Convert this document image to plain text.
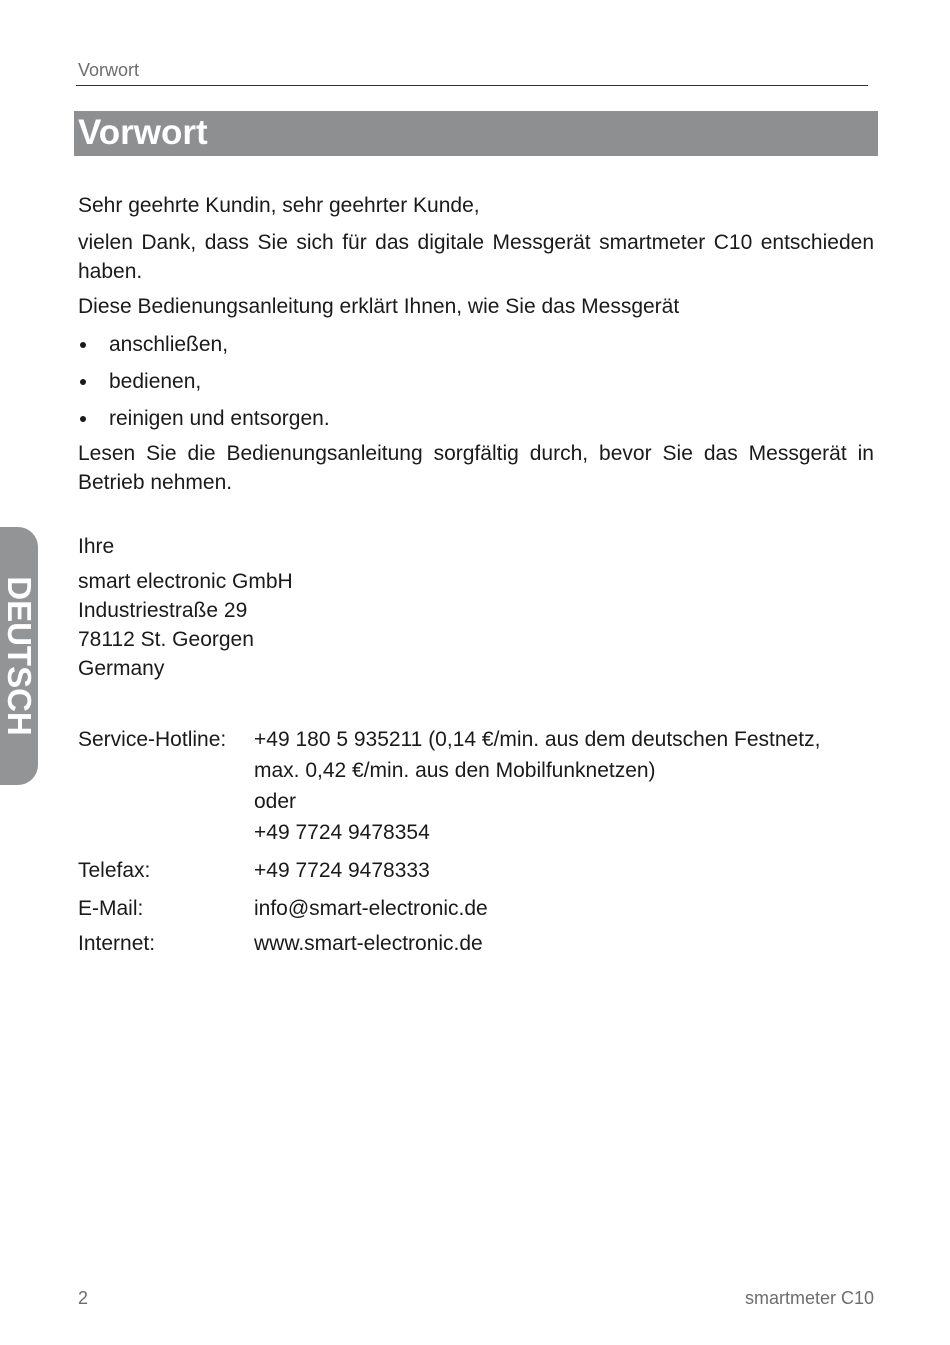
Vorwort
Vorwort
Sehr geehrte Kundin, sehr geehrter Kunde,
vielen Dank, dass Sie sich für das digitale Messgerät smartmeter C10 entschieden haben.
Diese Bedienungsanleitung erklärt Ihnen, wie Sie das Messgerät
anschließen,
bedienen,
reinigen und entsorgen.
Lesen Sie die Bedienungsanleitung sorgfältig durch, bevor Sie das Messgerät in Betrieb nehmen.
Ihre
smart electronic GmbH
Industriestraße 29
78112 St. Georgen
Germany
Service-Hotline: +49 180 5 935211 (0,14 €/min. aus dem deutschen Festnetz,
max. 0,42 €/min. aus den Mobilfunknetzen)
oder
+49 7724 9478354
Telefax:	+49 7724 9478333
E-Mail:	info@smart-electronic.de
Internet:	www.smart-electronic.de
DEUTSCH
2	smartmeter C10
